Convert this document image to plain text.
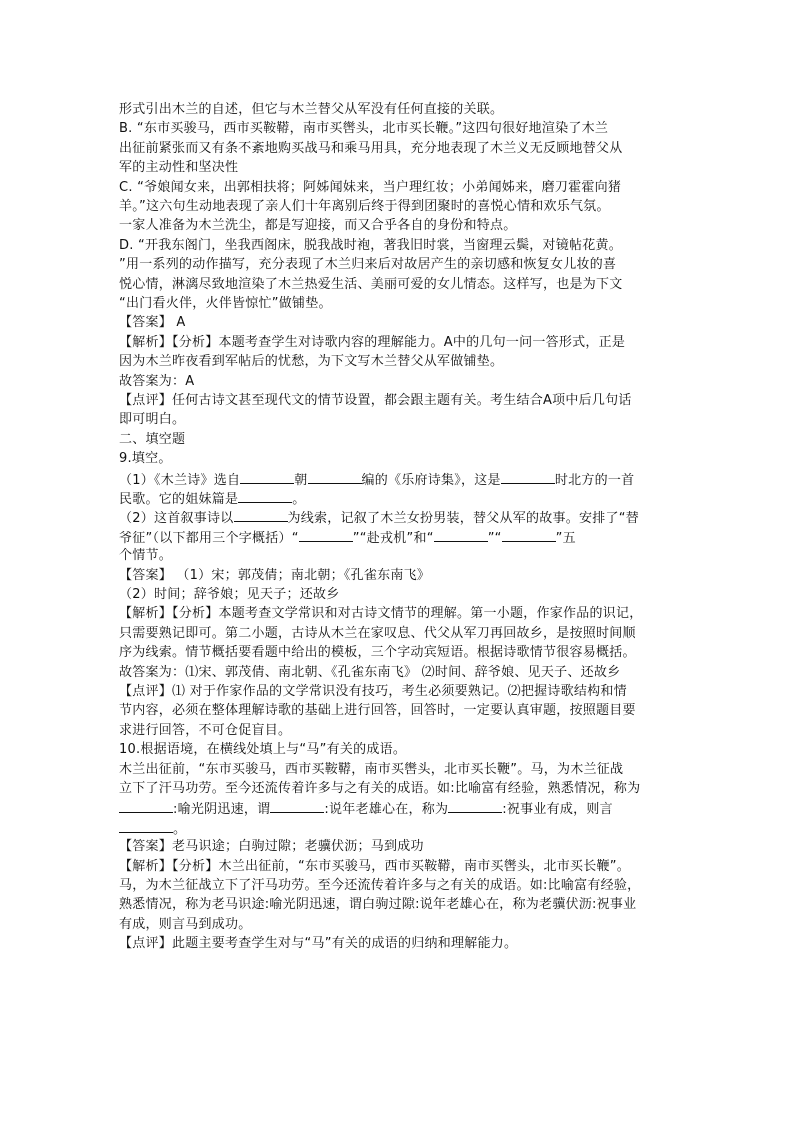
形式引出木兰的自述，但它与木兰替父从军没有任何直接的关联。
B. “东市买骏马，西市买鞍鞯，南市买辔头，北市买长鞭。”这四句很好地渲染了木兰
出征前紧张而又有条不紊地购买战马和乘马用具，充分地表现了木兰义无反顾地替父从
军的主动性和坚决性
C. “爷娘闻女来，出郭相扶将；阿姊闻妹来，当户理红妆；小弟闻姊来，磨刀霍霍向猪
羊。”这六句生动地表现了亲人们十年离别后终于得到团聚时的喜悦心情和欢乐气氛。
一家人准备为木兰洗尘，都是写迎接，而又合乎各自的身份和特点。
D. “开我东阁门，坐我西阁床，脱我战时袍，著我旧时裳，当窗理云鬓，对镜帖花黄。
”用一系列的动作描写，充分表现了木兰归来后对故居产生的亲切感和恢复女儿妆的喜
悦心情，淋漓尽致地渲染了木兰热爱生活、美丽可爱的女儿情态。这样写，也是为下文
“出门看火伴，火伴皆惊忙”做铺垫。
【答案】 A
【解析】【分析】本题考查学生对诗歌内容的理解能力。A中的几句一问一答形式，正是
因为木兰昨夜看到军帖后的忧愁，为下文写木兰替父从军做铺垫。
故答案为：A
【点评】任何古诗文甚至现代文的情节设置，都会跟主题有关。考生结合A项中后几句话
即可明白。
二、填空题
9.填空。
（1）《木兰诗》选自	朝	编的《乐府诗集》，这是	时北方的一首
民歌。它的姐妹篇是	。
（2）这首叙事诗以	为线索，记叙了木兰女扮男装，替父从军的故事。安排了“替
爷征”（以下都用三个字概括）“	”“赴戎机”和“	”“	”五
个情节。
【答案】 （1）宋；郭茂倩；南北朝；《孔雀东南飞》
（2）时间；辞爷娘；见天子；还故乡
【解析】【分析】本题考查文学常识和对古诗文情节的理解。第一小题，作家作品的识记，
只需要熟记即可。第二小题，古诗从木兰在家叹息、代父从军刀再回故乡，是按照时间顺
序为线索。情节概括要看题中给出的模板，三个字动宾短语。根据诗歌情节很容易概括。
故答案为：⑴宋、郭茂倩、南北朝、《孔雀东南飞》 ⑵时间、辞爷娘、见天子、还故乡
【点评】⑴ 对于作家作品的文学常识没有技巧，考生必须要熟记。⑵把握诗歌结构和情
节内容，必须在整体理解诗歌的基础上进行回答，回答时，一定要认真审题，按照题目要
求进行回答，不可仓促盲目。
10.根据语境，在横线处填上与“马”有关的成语。
木兰出征前，“东市买骏马，西市买鞍鞯，南市买辔头，北市买长鞭”。马，为木兰征战
立下了汗马功劳。至今还流传着许多与之有关的成语。如:比喻富有经验，熟悉情况，称为
:喻光阴迅速，谓	:说年老雄心在，称为	:祝事业有成，则言
。
【答案】老马识途；白驹过隙；老骥伏沥；马到成功
【解析】【分析】木兰出征前，“东市买骏马，西市买鞍鞯，南市买辔头，北市买长鞭”。
马，为木兰征战立下了汗马功劳。至今还流传着许多与之有关的成语。如:比喻富有经验，
熟悉情况，称为老马识途:喻光阴迅速，谓白驹过隙:说年老雄心在，称为老骥伏沥:祝事业
有成，则言马到成功。
【点评】此题主要考查学生对与“马”有关的成语的归纳和理解能力。
